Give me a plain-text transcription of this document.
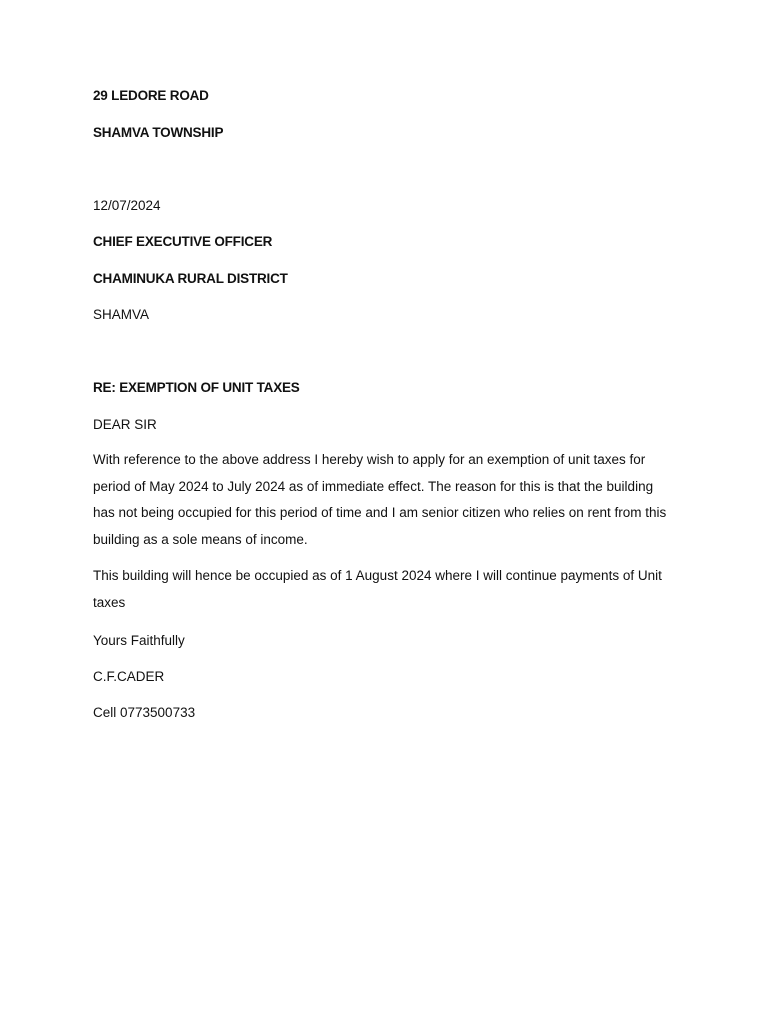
29 LEDORE ROAD

SHAMVA TOWNSHIP

12/07/2024

CHIEF EXECUTIVE OFFICER

CHAMINUKA RURAL DISTRICT

SHAMVA

RE: EXEMPTION OF UNIT TAXES

DEAR SIR

With reference to the above address I hereby wish to apply for an exemption of unit taxes for period of May 2024 to July 2024 as of immediate effect. The reason for this is that the building has not being occupied for this period of time and I am senior citizen who relies on rent from this building as a sole means of income.

This building will hence be occupied as of 1 August 2024 where I will continue payments of Unit taxes

Yours Faithfully

C.F.CADER

Cell 0773500733
